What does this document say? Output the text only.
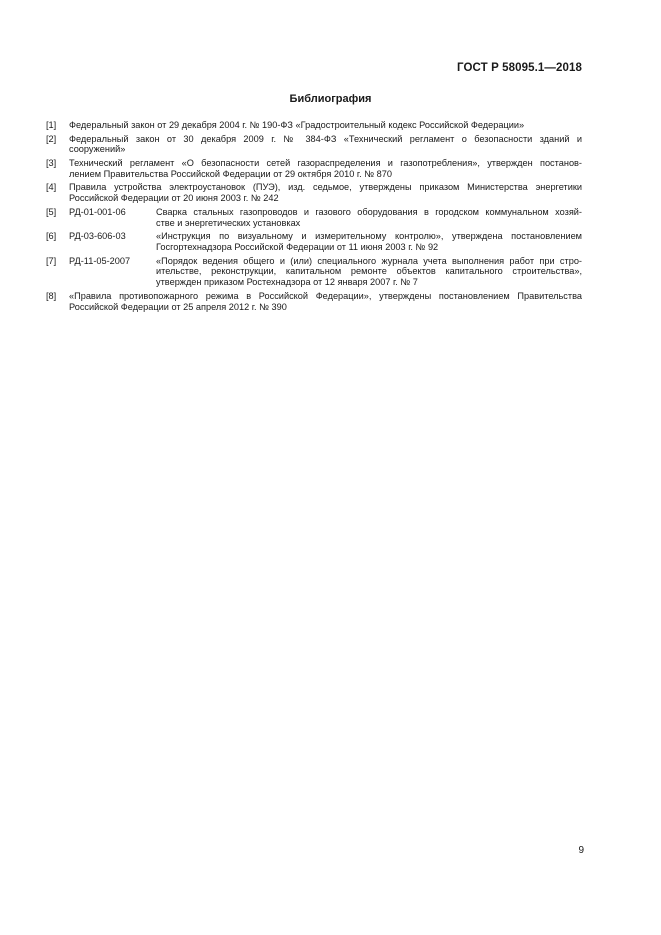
ГОСТ Р 58095.1—2018
Библиография
[1]	Федеральный закон от 29 декабря 2004 г. № 190-ФЗ «Градостроительный кодекс Российской Федерации»
[2]	Федеральный закон от 30 декабря 2009 г. № 384-ФЗ «Технический регламент о безопасности зданий и
сооружений»
[3]	Технический регламент «О безопасности сетей газораспределения и газопотребления», утвержден постанов-
лением Правительства Российской Федерации от 29 октября 2010 г. № 870
[4]	Правила устройства электроустановок (ПУЭ), изд. седьмое, утверждены приказом Министерства энергетики
Российской Федерации от 20 июня 2003 г. № 242
[5]	РД-01-001-06	Сварка стальных газопроводов и газового оборудования в городском коммунальном хозяй-
стве и энергетических установках
[6]	РД-03-606-03	«Инструкция по визуальному и измерительному контролю», утверждена постановлением
Госгортехнадзора Российской Федерации от 11 июня 2003 г. № 92
[7]	РД-11-05-2007	«Порядок ведения общего и (или) специального журнала учета выполнения работ при стро-
ительстве, реконструкции, капитальном ремонте объектов капитального строительства»,
утвержден приказом Ростехнадзора от 12 января 2007 г. № 7
[8]	«Правила противопожарного режима в Российской Федерации», утверждены постановлением Правительства
Российской Федерации от 25 апреля 2012 г. № 390
9
